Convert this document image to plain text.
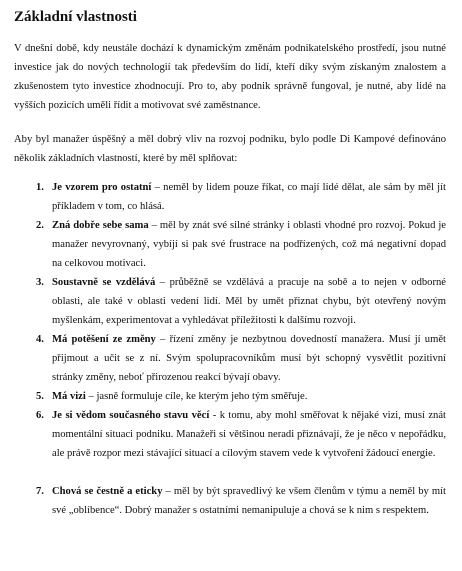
Základní vlastnosti

V dnešní době, kdy neustále dochází k dynamickým změnám podnikatelského prostředí, jsou nutné investice jak do nových technologií tak především do lidí, kteří díky svým získaným znalostem a zkušenostem tyto investice zhodnocují. Pro to, aby podnik správně fungoval, je nutné, aby lidé na vyšších pozicích uměli řídit a motivovat své zaměstnance.

Aby byl manažer úspěšný a měl dobrý vliv na rozvoj podniku, bylo podle Di Kampové definováno několik základních vlastností, které by měl splňovat:

1. Je vzorem pro ostatní – neměl by lidem pouze říkat, co mají lidé dělat, ale sám by měl jít příkladem v tom, co hlásá.
2. Zná dobře sebe sama – měl by znát své silné stránky i oblasti vhodné pro rozvoj. Pokud je manažer nevyrovnaný, vybíjí si pak své frustrace na podřízených, což má negativní dopad na celkovou motivaci.
3. Soustavně se vzdělává – průběžně se vzdělává a pracuje na sobě a to nejen v odborné oblasti, ale také v oblasti vedení lidí. Měl by umět přiznat chybu, být otevřený novým myšlenkám, experimentovat a vyhledávat příležitosti k dalšímu rozvoji.
4. Má potěšení ze změny – řízení změny je nezbytnou dovedností manažera. Musí jí umět přijmout a učit se z ní. Svým spolupracovníkům musí být schopný vysvětlit pozitivní stránky změny, neboť přirozenou reakcí bývají obavy.
5. Má vizi – jasně formuluje cíle, ke kterým jeho tým směřuje.
6. Je si vědom současného stavu věcí - k tomu, aby mohl směřovat k nějaké vizi, musí znát momentální situaci podniku. Manažeři si většinou neradi přiznávají, že je něco v nepořádku, ale právě rozpor mezi stávající situací a cílovým stavem vede k vytvoření žádoucí energie.
7. Chová se čestně a eticky – měl by být spravedlivý ke všem členům v týmu a neměl by mít své „oblíbence“. Dobrý manažer s ostatními nemanipuluje a chová se k nim s respektem.
